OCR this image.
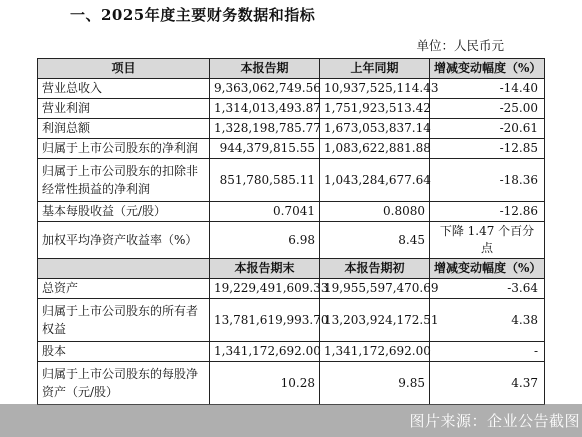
一、2025年度主要财务数据和指标
单位：人民币元
项目	本报告期	上年同期	增减变动幅度（%）
营业总收入	9,363,062,749.56	10,937,525,114.43	-14.40
营业利润	1,314,013,493.87	1,751,923,513.42	-25.00
利润总额	1,328,198,785.77	1,673,053,837.14	-20.61
归属于上市公司股东的净利润	944,379,815.55	1,083,622,881.88	-12.85

归属于上市公司股东的扣除非
经常性损益的净利润	851,780,585.11	1,043,284,677.64	-18.36
基本每股收益（元/股）	0.7041	0.8080	-12.86
加权平均净资产收益率（%）	6.98	8.45	下降 1.47 个百分点
	本报告期末	本报告期初	增减变动幅度（%）
总资产	19,229,491,609.33	19,955,597,470.69	-3.64

归属于上市公司股东的所有者
权益	13,781,619,993.70	13,203,924,172.51	4.38
股本	1,341,172,692.00	1,341,172,692.00	-

归属于上市公司股东的每股净
资产（元/股）	10.28	9.85	4.37
图片来源：企业公告截图
